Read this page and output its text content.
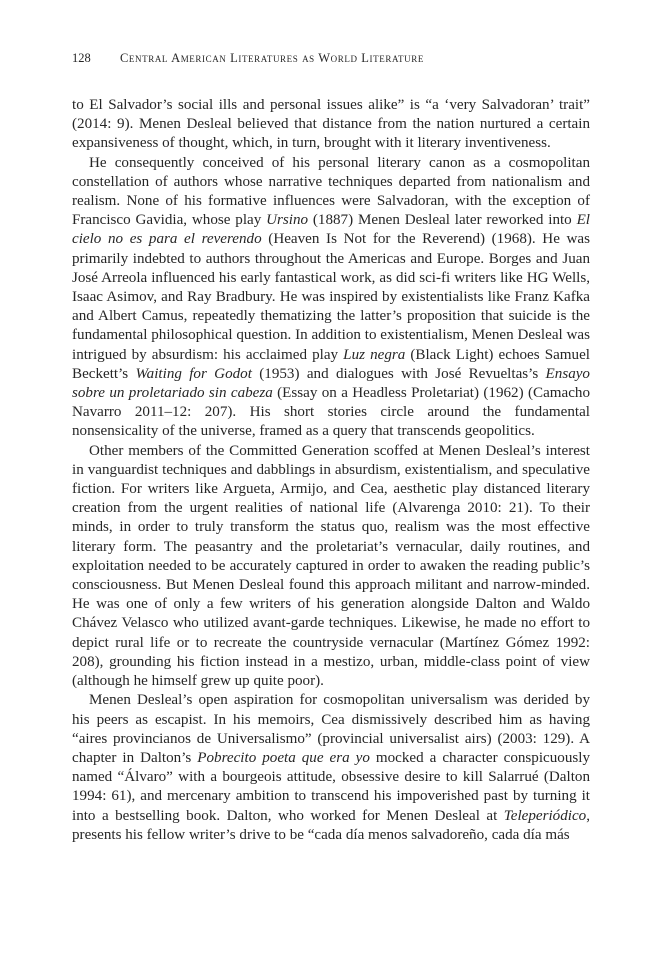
128 Central American Literatures as World Literature

to El Salvador’s social ills and personal issues alike” is “a ‘very Salvadoran’ trait” (2014: 9). Menen Desleal believed that distance from the nation nurtured a certain expansiveness of thought, which, in turn, brought with it literary inventiveness.

He consequently conceived of his personal literary canon as a cosmopolitan constellation of authors whose narrative techniques departed from nationalism and realism. None of his formative influences were Salvadoran, with the exception of Francisco Gavidia, whose play Ursino (1887) Menen Desleal later reworked into El cielo no es para el reverendo (Heaven Is Not for the Reverend) (1968). He was primarily indebted to authors throughout the Americas and Europe. Borges and Juan José Arreola influenced his early fantastical work, as did sci-fi writers like HG Wells, Isaac Asimov, and Ray Bradbury. He was inspired by existentialists like Franz Kafka and Albert Camus, repeatedly thematizing the latter’s proposition that suicide is the fundamental philosophical question. In addition to existentialism, Menen Desleal was intrigued by absurdism: his acclaimed play Luz negra (Black Light) echoes Samuel Beckett’s Waiting for Godot (1953) and dialogues with José Revueltas’s Ensayo sobre un proletariado sin cabeza (Essay on a Headless Proletariat) (1962) (Camacho Navarro 2011–12: 207). His short stories circle around the fundamental nonsensicality of the universe, framed as a query that transcends geopolitics.

Other members of the Committed Generation scoffed at Menen Desleal’s interest in vanguardist techniques and dabblings in absurdism, existentialism, and speculative fiction. For writers like Argueta, Armijo, and Cea, aesthetic play distanced literary creation from the urgent realities of national life (Alvarenga 2010: 21). To their minds, in order to truly transform the status quo, realism was the most effective literary form. The peasantry and the proletariat’s vernacular, daily routines, and exploitation needed to be accurately captured in order to awaken the reading public’s consciousness. But Menen Desleal found this approach militant and narrow-minded. He was one of only a few writers of his generation alongside Dalton and Waldo Chávez Velasco who utilized avant-garde techniques. Likewise, he made no effort to depict rural life or to recreate the countryside vernacular (Martínez Gómez 1992: 208), grounding his fiction instead in a mestizo, urban, middle-class point of view (although he himself grew up quite poor).

Menen Desleal’s open aspiration for cosmopolitan universalism was derided by his peers as escapist. In his memoirs, Cea dismissively described him as having “aires provincianos de Universalismo” (provincial universalist airs) (2003: 129). A chapter in Dalton’s Pobrecito poeta que era yo mocked a character conspicuously named “Álvaro” with a bourgeois attitude, obsessive desire to kill Salarrué (Dalton 1994: 61), and mercenary ambition to transcend his impoverished past by turning it into a bestselling book. Dalton, who worked for Menen Desleal at Teleperiódico, presents his fellow writer’s drive to be “cada día menos salvadoreño, cada día más
